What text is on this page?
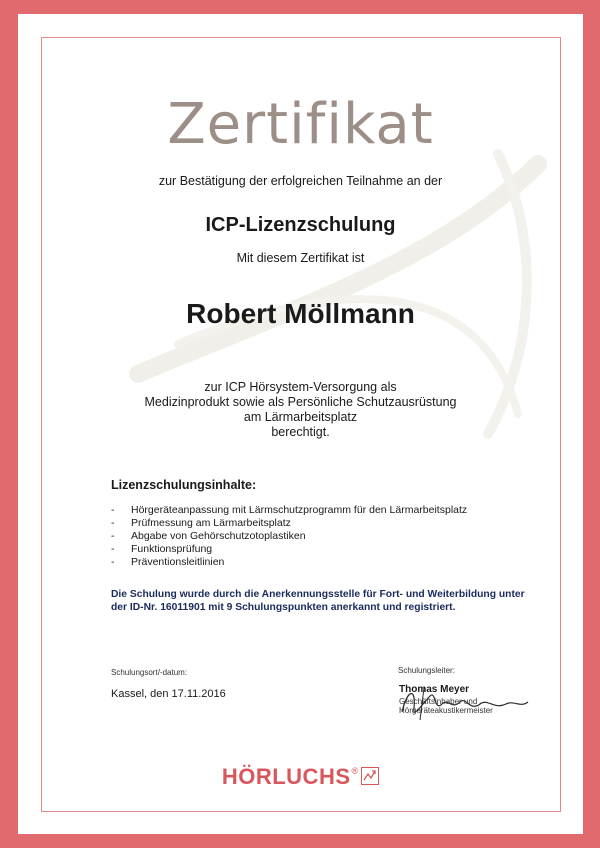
Zertifikat
zur Bestätigung der erfolgreichen Teilnahme an der
ICP-Lizenzschulung
Mit diesem Zertifikat ist
Robert Möllmann
zur ICP Hörsystem-Versorgung als
Medizinprodukt sowie als Persönliche Schutzausrüstung
am Lärmarbeitsplatz
berechtigt.
Lizenzschulungsinhalte:
-	Hörgeräteanpassung mit Lärmschutzprogramm für den Lärmarbeitsplatz
-	Prüfmessung am Lärmarbeitsplatz
-	Abgabe von Gehörschutzotoplastiken
-	Funktionsprüfung
-	Präventionsleitlinien
Die Schulung wurde durch die Anerkennungsstelle für Fort- und Weiterbildung unter
der ID-Nr. 16011901 mit 9 Schulungspunkten anerkannt und registriert.
Schulungsort/-datum:
Kassel, den 17.11.2016
Schulungsleiter:
Thomas Meyer
Geschäftsinhaber und
Hörgeräteakustikermeister
HÖRLUCHS ®
